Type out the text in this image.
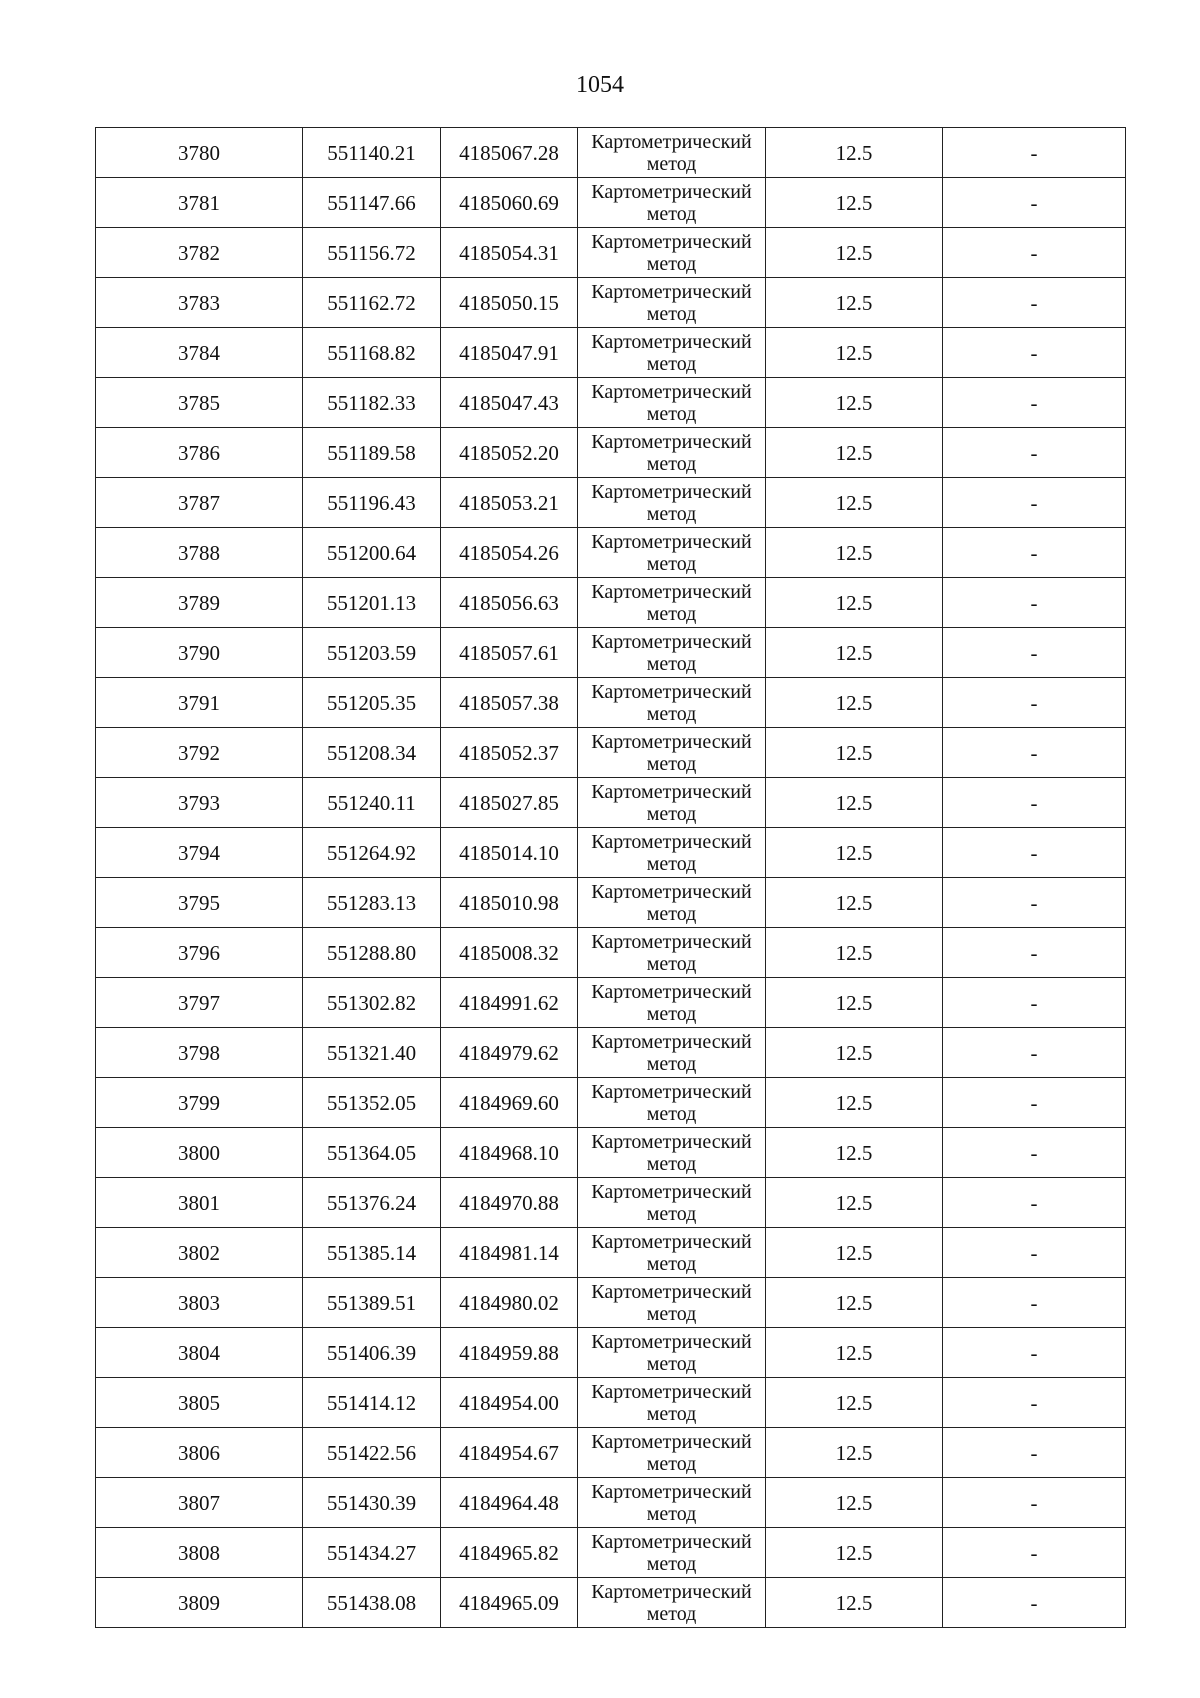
1054
3780	551140.21	4185067.28	Картометрический метод	12.5	-
3781	551147.66	4185060.69	Картометрический метод	12.5	-
3782	551156.72	4185054.31	Картометрический метод	12.5	-
3783	551162.72	4185050.15	Картометрический метод	12.5	-
3784	551168.82	4185047.91	Картометрический метод	12.5	-
3785	551182.33	4185047.43	Картометрический метод	12.5	-
3786	551189.58	4185052.20	Картометрический метод	12.5	-
3787	551196.43	4185053.21	Картометрический метод	12.5	-
3788	551200.64	4185054.26	Картометрический метод	12.5	-
3789	551201.13	4185056.63	Картометрический метод	12.5	-
3790	551203.59	4185057.61	Картометрический метод	12.5	-
3791	551205.35	4185057.38	Картометрический метод	12.5	-
3792	551208.34	4185052.37	Картометрический метод	12.5	-
3793	551240.11	4185027.85	Картометрический метод	12.5	-
3794	551264.92	4185014.10	Картометрический метод	12.5	-
3795	551283.13	4185010.98	Картометрический метод	12.5	-
3796	551288.80	4185008.32	Картометрический метод	12.5	-
3797	551302.82	4184991.62	Картометрический метод	12.5	-
3798	551321.40	4184979.62	Картометрический метод	12.5	-
3799	551352.05	4184969.60	Картометрический метод	12.5	-
3800	551364.05	4184968.10	Картометрический метод	12.5	-
3801	551376.24	4184970.88	Картометрический метод	12.5	-
3802	551385.14	4184981.14	Картометрический метод	12.5	-
3803	551389.51	4184980.02	Картометрический метод	12.5	-
3804	551406.39	4184959.88	Картометрический метод	12.5	-
3805	551414.12	4184954.00	Картометрический метод	12.5	-
3806	551422.56	4184954.67	Картометрический метод	12.5	-
3807	551430.39	4184964.48	Картометрический метод	12.5	-
3808	551434.27	4184965.82	Картометрический метод	12.5	-
3809	551438.08	4184965.09	Картометрический метод	12.5	-
